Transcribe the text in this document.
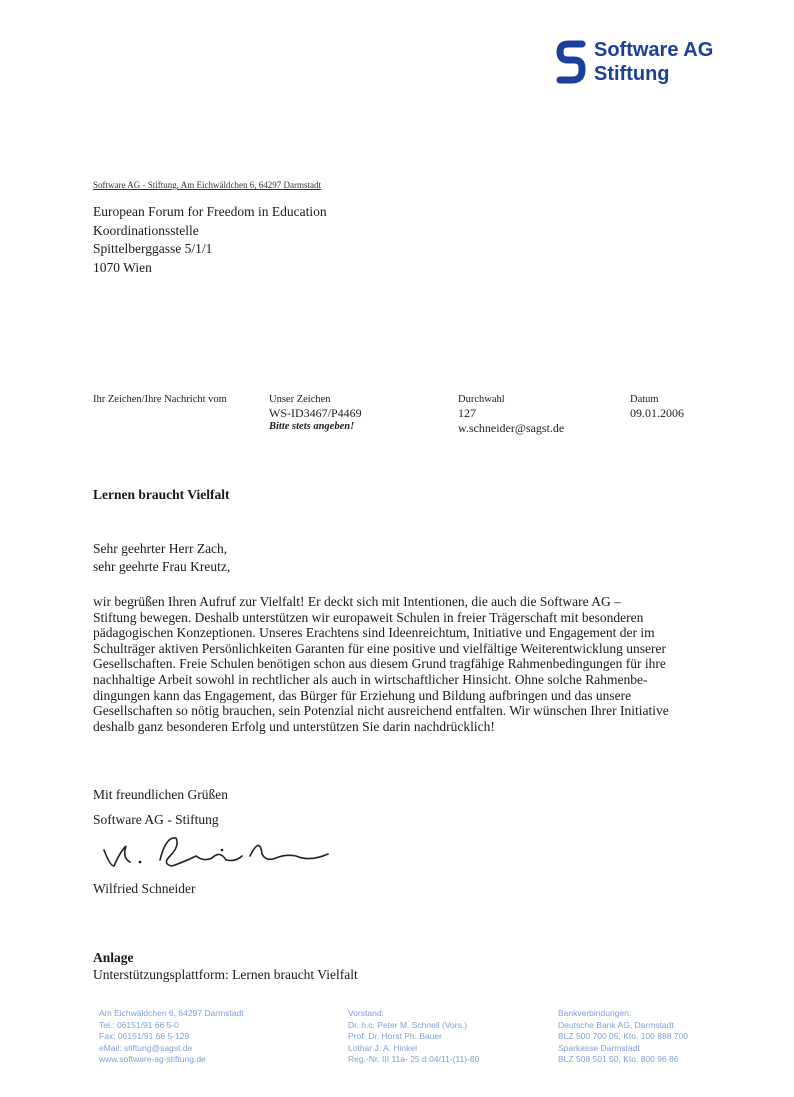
Software AG
Stiftung
Software AG - Stiftung, Am Eichwäldchen 6, 64297 Darmstadt
European Forum for Freedom in Education
Koordinationsstelle
Spittelberggasse 5/1/1
1070 Wien
Ihr Zeichen/Ihre Nachricht vom	Unser Zeichen
WS-ID3467/P4469
Bitte stets angeben!
Durchwahl
127
w.schneider@sagst.de
Datum
09.01.2006
Lernen braucht Vielfalt
Sehr geehrter Herr Zach,
sehr geehrte Frau Kreutz,
wir begrüßen Ihren Aufruf zur Vielfalt! Er deckt sich mit Intentionen, die auch die Software AG –
Stiftung bewegen. Deshalb unterstützen wir europaweit Schulen in freier Trägerschaft mit besonderen
pädagogischen Konzeptionen. Unseres Erachtens sind Ideenreichtum, Initiative und Engagement der im
Schulträger aktiven Persönlichkeiten Garanten für eine positive und vielfältige Weiterentwicklung unserer
Gesellschaften. Freie Schulen benötigen schon aus diesem Grund tragfähige Rahmenbedingungen für ihre
nachhaltige Arbeit sowohl in rechtlicher als auch in wirtschaftlicher Hinsicht. Ohne solche Rahmenbe-
dingungen kann das Engagement, das Bürger für Erziehung und Bildung aufbringen und das unsere
Gesellschaften so nötig brauchen, sein Potenzial nicht ausreichend entfalten. Wir wünschen Ihrer Initiative
deshalb ganz besonderen Erfolg und unterstützen Sie darin nachdrücklich!
Mit freundlichen Grüßen
Software AG - Stiftung
Wilfried Schneider
Anlage
Unterstützungsplattform: Lernen braucht Vielfalt
Am Eichwäldchen 6, 64297 Darmstadt
Tel.: 06151/91 66 5-0
Fax: 06151/91 66 5-129
eMail: stiftung@sagst.de
www.software-ag-stiftung.de
Vorstand:
Dr. h.c. Peter M. Schnell (Vors.)
Prof. Dr. Horst Ph. Bauer
Lothar J. A. Hinkel
Reg.-Nr. III 11a- 25 d 04/11-(11)-80
Bankverbindungen:
Deutsche Bank AG, Darmstadt
BLZ 500 700 05, Kto. 100 888 700
Sparkasse Darmstadt
BLZ 508 501 50, Kto. 800 96 86
